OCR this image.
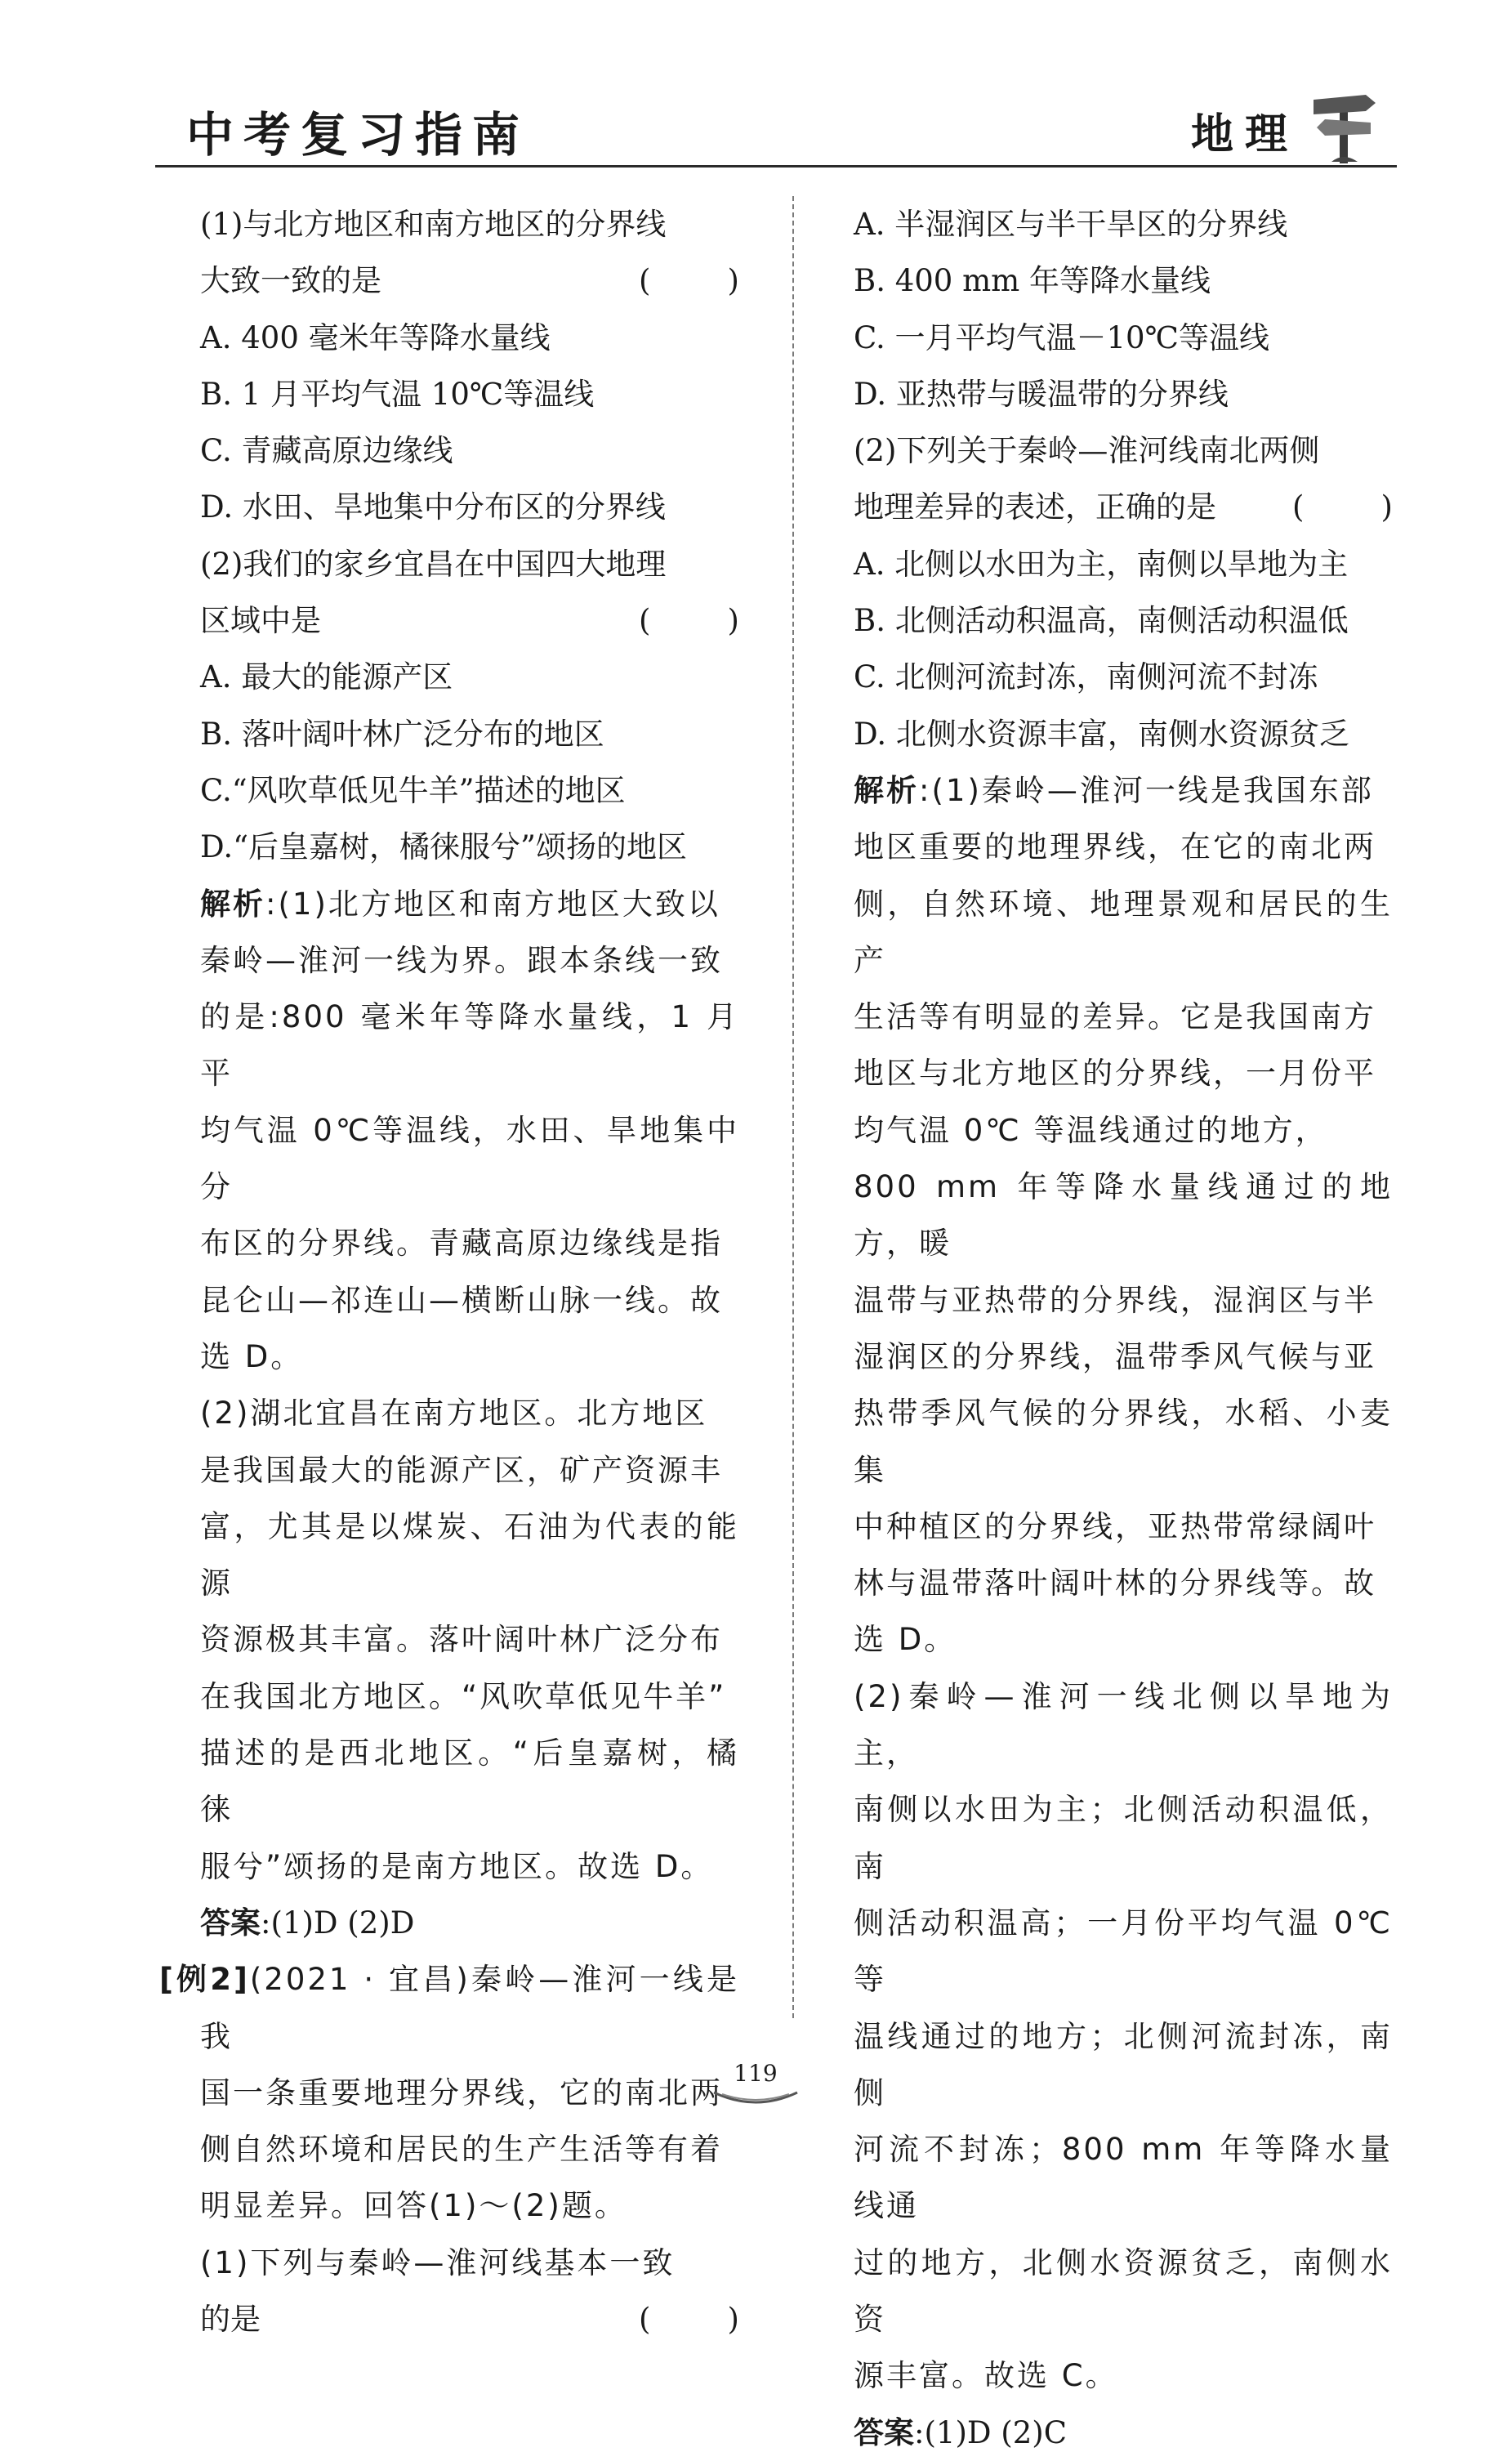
中考复习指南	地理

(1)与北方地区和南方地区的分界线

大致一致的是	(        )

A. 400 毫米年等降水量线

B. 1 月平均气温 10℃等温线

C. 青藏高原边缘线

D. 水田、旱地集中分布区的分界线

(2)我们的家乡宜昌在中国四大地理

区域中是	(        )

A. 最大的能源产区

B. 落叶阔叶林广泛分布的地区

C.“风吹草低见牛羊”描述的地区

D.“后皇嘉树，橘徕服兮”颂扬的地区

解析:(1)北方地区和南方地区大致以

秦岭—淮河一线为界。跟本条线一致

的是:800 毫米年等降水量线，1 月平

均气温 0℃等温线，水田、旱地集中分

布区的分界线。青藏高原边缘线是指

昆仑山—祁连山—横断山脉一线。故

选 D。

(2)湖北宜昌在南方地区。北方地区

是我国最大的能源产区，矿产资源丰

富，尤其是以煤炭、石油为代表的能源

资源极其丰富。落叶阔叶林广泛分布

在我国北方地区。“风吹草低见牛羊”

描述的是西北地区。“后皇嘉树，橘徕

服兮”颂扬的是南方地区。故选 D。

答案:(1)D (2)D

[例2](2021 · 宜昌)秦岭—淮河一线是我

国一条重要地理分界线，它的南北两

侧自然环境和居民的生产生活等有着

明显差异。回答(1)～(2)题。

(1)下列与秦岭—淮河线基本一致

的是	(        )

A. 半湿润区与半干旱区的分界线

B. 400 mm 年等降水量线

C. 一月平均气温－10℃等温线

D. 亚热带与暖温带的分界线

(2)下列关于秦岭—淮河线南北两侧

地理差异的表述，正确的是	(        )

A. 北侧以水田为主，南侧以旱地为主

B. 北侧活动积温高，南侧活动积温低

C. 北侧河流封冻，南侧河流不封冻

D. 北侧水资源丰富，南侧水资源贫乏

解析:(1)秦岭—淮河一线是我国东部

地区重要的地理界线，在它的南北两

侧，自然环境、地理景观和居民的生产

生活等有明显的差异。它是我国南方

地区与北方地区的分界线，一月份平

均气温 0℃ 等温线通过的地方，

800 mm 年等降水量线通过的地方，暖

温带与亚热带的分界线，湿润区与半

湿润区的分界线，温带季风气候与亚

热带季风气候的分界线，水稻、小麦集

中种植区的分界线，亚热带常绿阔叶

林与温带落叶阔叶林的分界线等。故

选 D。

(2)秦岭—淮河一线北侧以旱地为主，

南侧以水田为主；北侧活动积温低，南

侧活动积温高；一月份平均气温 0℃等

温线通过的地方；北侧河流封冻，南侧

河流不封冻；800 mm 年等降水量线通

过的地方，北侧水资源贫乏，南侧水资

源丰富。故选 C。

答案:(1)D (2)C

119
